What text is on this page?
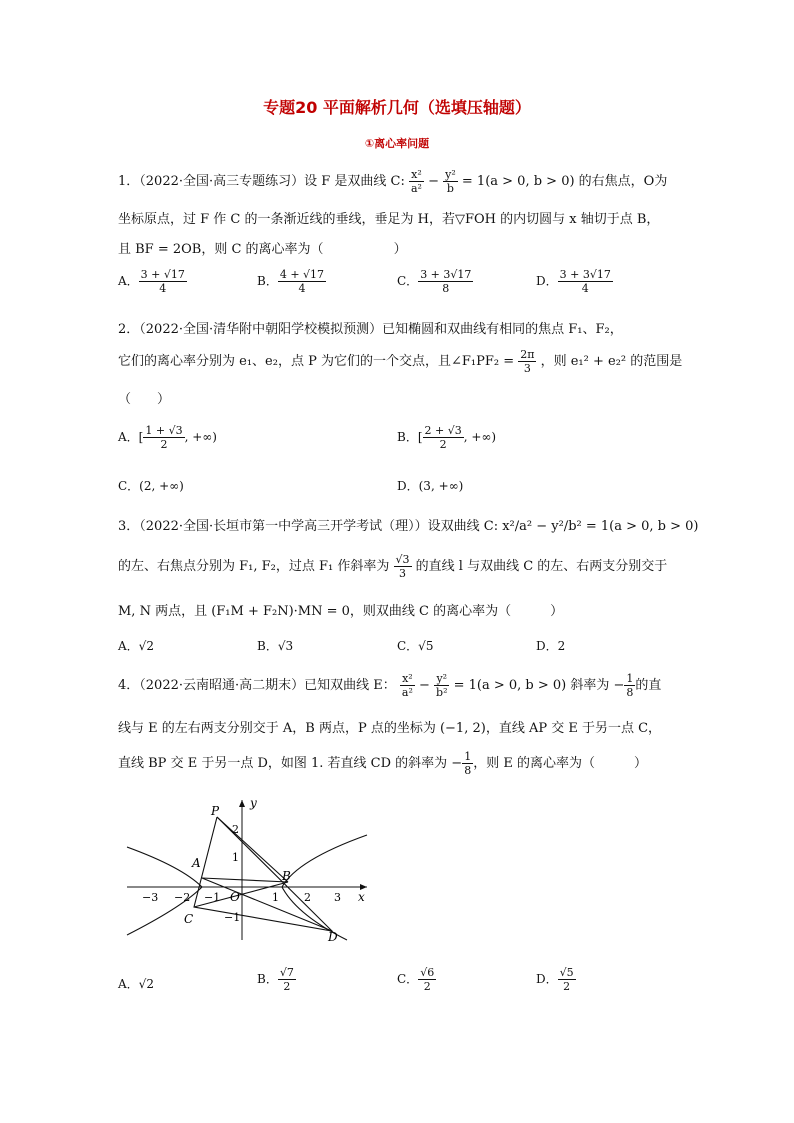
专题20 平面解析几何（选填压轴题）
①离心率问题
1．（2022·全国·高三专题练习）设 F 是双曲线 C: $\frac{\text{x²}}{\text{a²}} - \frac{\text{y²}}{b} = 1(a > 0$, b > 0) 的右焦点，O为
坐标原点，过 F 作 C 的一条渐近线的垂线，垂足为 H，若▽FOH 的内切圆与 x 轴切于点 B，
且 BF = 2OB，则 C 的离心率为（	）
A． $\frac{3 + √17}{4}$	B． $\frac{4 + √17}{4}$	C． $\frac{3 + 3√17}{8}$	D． $\frac{3 + 3√17}{4}$
2．（2022·全国·清华附中朝阳学校模拟预测）已知椭圆和双曲线有相同的焦点 F₁、F₂，
它们的离心率分别为 e₁、e₂，点 P 为它们的一个交点，且∠F₁PF₂ = $\frac{2\pi}{3}$ ，则 e₁² + e₂² 的范围是
（　　）
A．[ $\frac{1 + √3}{2}$ , +∞)	B．[ $\frac{2 + √3}{2}$ , +∞)
C．(2, +∞)	D．(3, +∞)
3．（2022·全国·长垣市第一中学高三开学考试（理））设双曲线 C: x²/a² − y²/b² = 1(a > 0, b > 0)
的左、右焦点分别为 F₁, F₂，过点 F₁ 作斜率为 $\frac{√3}{3}$ 的直线 l 与双曲线 C 的左、右两支分别交于
M, N 两点，且 (F₁M + F₂N)·MN = 0，则双曲线 C 的离心率为（　　　）
A．√2	B．√3	C．√5	D．2
4．（2022·云南昭通·高二期末）已知双曲线 E： $\frac{\text{x²}}{\text{a²}} - \frac{\text{y²}}{\text{b²}} = 1(a > 0$, b > 0) 斜率为 − $\frac{1}{8}$ 的直
线与 E 的左右两支分别交于 A，B 两点，P 点的坐标为 (−1, 2)，直线 AP 交 E 于另一点 C，
直线 BP 交 E 于另一点 D，如图 1. 若直线 CD 的斜率为 − $\frac{1}{8}$ ，则 E 的离心率为（　　　）
P
A
B
C
D
O	x
y
−3 −2 −1	1 2 3
2
1
−1
A．√2	B． $\frac{√7}{2}$	C． $\frac{√6}{2}$	D． $\frac{√5}{2}$
